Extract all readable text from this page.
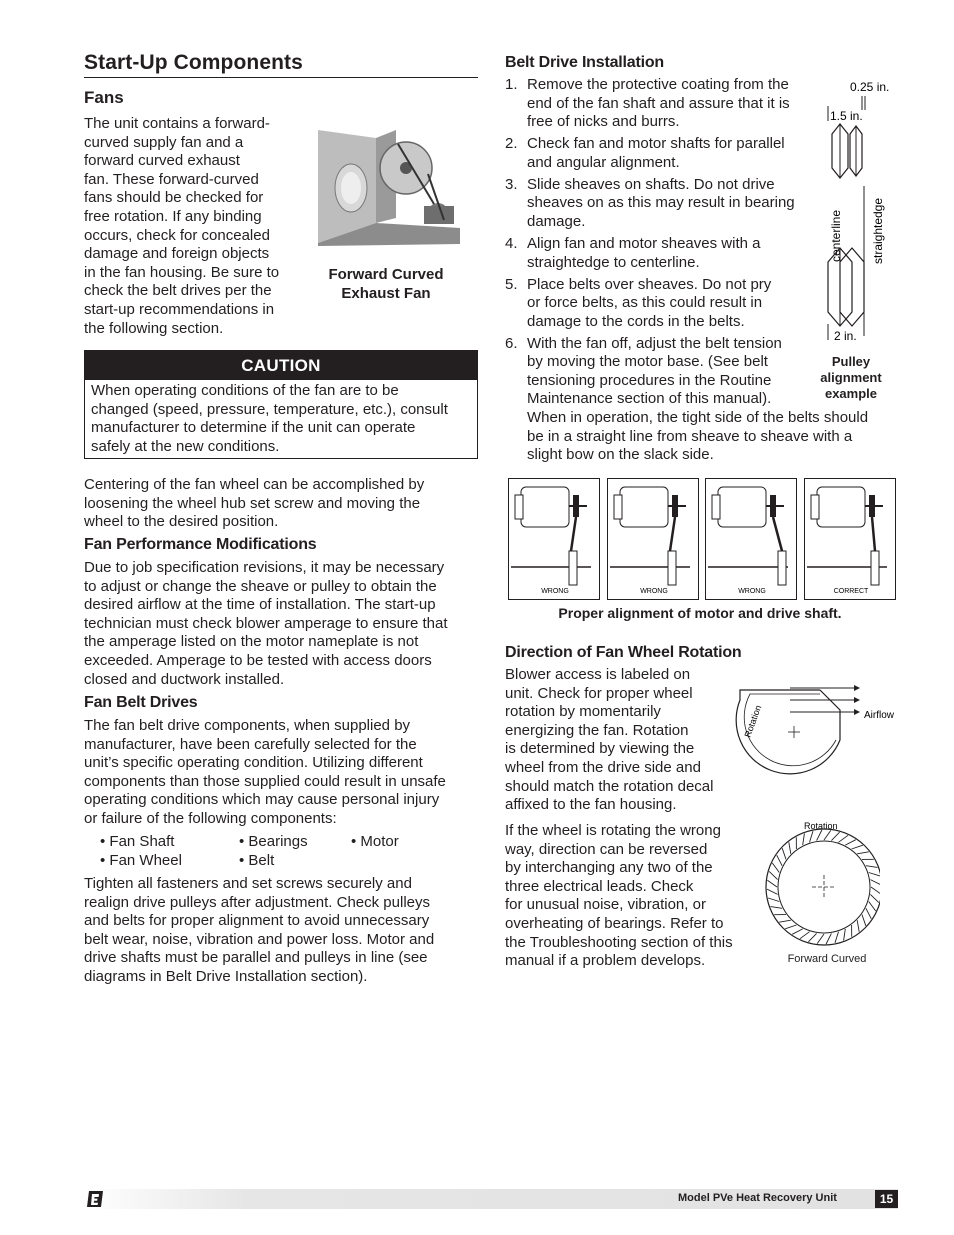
Start-Up Components
Fans
The unit contains a forward-
curved supply fan and a
forward curved exhaust
fan. These forward-curved
fans should be checked for
free rotation. If any binding
occurs, check for concealed
damage and foreign objects
in the fan housing. Be sure to
check the belt drives per the
start-up recommendations in
the following section.
Forward Curved
Exhaust Fan
CAUTION
When operating conditions of the fan are to be
changed (speed, pressure, temperature, etc.), consult
manufacturer to determine if the unit can operate
safely at the new conditions.
Centering of the fan wheel can be accomplished by
loosening the wheel hub set screw and moving the
wheel to the desired position.
Fan Performance Modifications
Due to job specification revisions, it may be necessary
to adjust or change the sheave or pulley to obtain the
desired airflow at the time of installation. The start-up
technician must check blower amperage to ensure that
the amperage listed on the motor nameplate is not
exceeded. Amperage to be tested with access doors
closed and ductwork installed.
Fan Belt Drives
The fan belt drive components, when supplied by
manufacturer, have been carefully selected for the
unit’s specific operating condition. Utilizing different
components than those supplied could result in unsafe
operating conditions which may cause personal injury
or failure of the following components:
• Fan Shaft	• Bearings	• Motor
• Fan Wheel	• Belt
Tighten all fasteners and set screws securely and
realign drive pulleys after adjustment. Check pulleys
and belts for proper alignment to avoid unnecessary
belt wear, noise, vibration and power loss. Motor and
drive shafts must be parallel and pulleys in line (see
diagrams in Belt Drive Installation section).
Belt Drive Installation
1. Remove the protective coating from the
end of the fan shaft and assure that it is
free of nicks and burrs.
2. Check fan and motor shafts for parallel
and angular alignment.
3. Slide sheaves on shafts. Do not drive
sheaves on as this may result in bearing
damage.
4. Align fan and motor sheaves with a
straightedge to centerline.
5. Place belts over sheaves. Do not pry
or force belts, as this could result in
damage to the cords in the belts.
6. With the fan off, adjust the belt tension
by moving the motor base. (See belt
tensioning procedures in the Routine
Maintenance section of this manual).
When in operation, the tight side of the belts should
be in a straight line from sheave to sheave with a
slight bow on the slack side.
0.25 in.
1.5 in.
centerline straightedge
2 in.
Pulley
alignment
example
WRONG	WRONG	WRONG	CORRECT
Proper alignment of motor and drive shaft.
Direction of Fan Wheel Rotation
Blower access is labeled on
unit. Check for proper wheel
rotation by momentarily
energizing the fan. Rotation
is determined by viewing the
wheel from the drive side and
should match the rotation decal
affixed to the fan housing.
If the wheel is rotating the wrong
way, direction can be reversed
by interchanging any two of the
three electrical leads. Check
for unusual noise, vibration, or
overheating of bearings. Refer to
the Troubleshooting section of this
manual if a problem develops.
Airflow
Rotation
Rotation
Forward Curved
Model PVe Heat Recovery Unit	15
